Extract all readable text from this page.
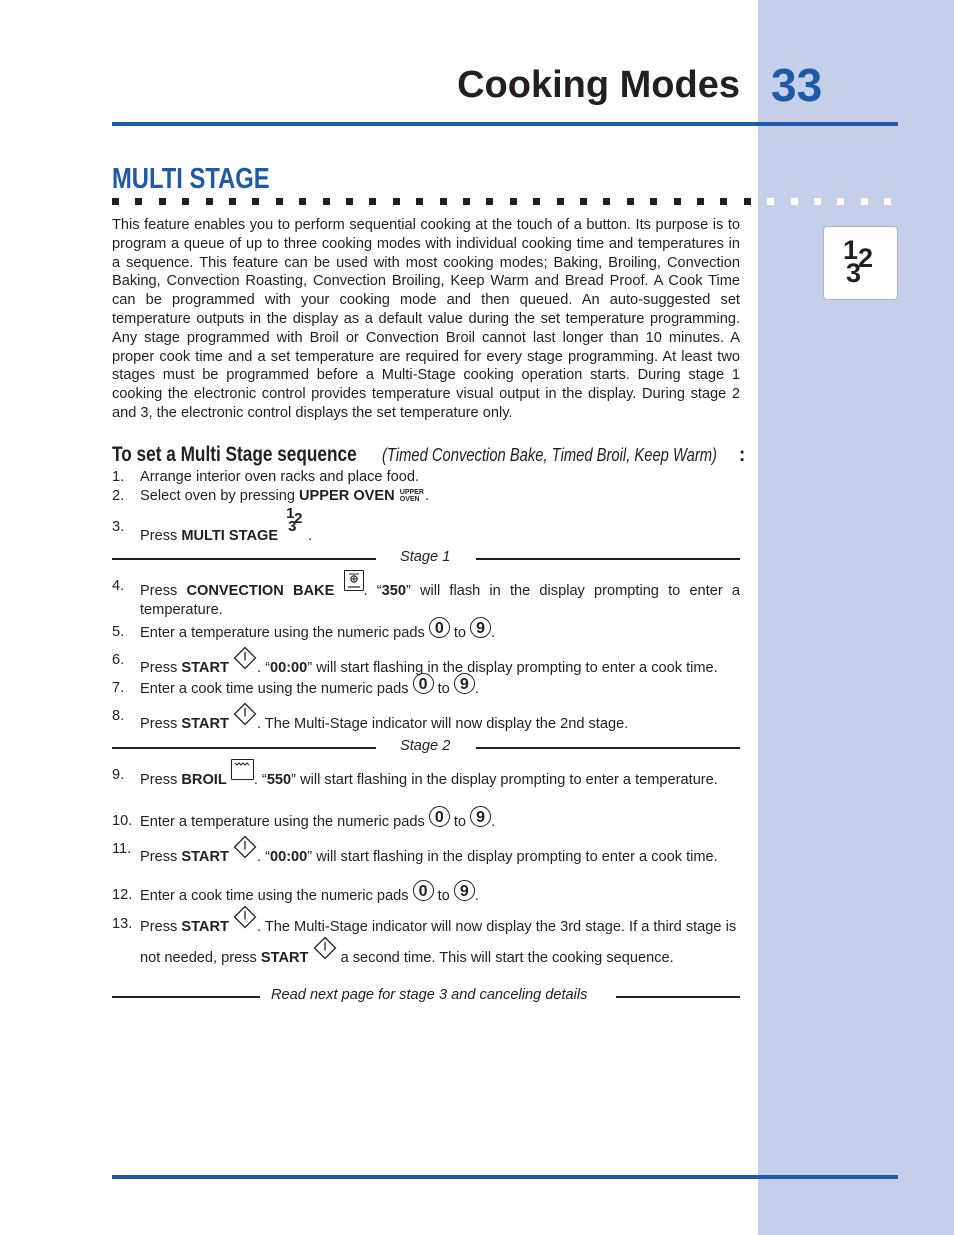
Cooking Modes 33
MULTI STAGE
1 2
3
This feature enables you to perform sequential cooking at the touch of a button. Its purpose is to program a queue of up to three cooking modes with individual cooking time and temperatures in a sequence. This feature can be used with most cooking modes; Baking, Broiling, Convection Baking, Convection Roasting, Convection Broiling, Keep Warm and Bread Proof. A Cook Time can be programmed with your cooking mode and then queued. An auto-suggested set temperature outputs in the display as a default value during the set temperature programming. Any stage programmed with Broil or Convection Broil cannot last longer than 10 minutes. A proper cook time and a set temperature are required for every stage programming. At least two stages must be programmed before a Multi-Stage cooking operation starts. During stage 1 cooking the electronic control provides temperature visual output in the display. During stage 2 and 3, the electronic control displays the set temperature only.
To set a Multi Stage sequence (Timed Convection Bake, Timed Broil, Keep Warm) :
1. Arrange interior oven racks and place food.
2. Select oven by pressing UPPER OVEN UPPER
OVEN .
3.
Press MULTI STAGE
1 2
3
.
Stage 1
4. Press CONVECTION BAKE . “350” will flash in the display prompting to enter a temperature.
5. Enter a temperature using the numeric pads 0 to 9 .
6. Press START . “00:00” will start flashing in the display prompting to enter a cook time.
7. Enter a cook time using the numeric pads 0 to 9 .
8. Press START . The Multi-Stage indicator will now display the 2nd stage.
Stage 2
9. Press BROIL . “550” will start flashing in the display prompting to enter a temperature.
10. Enter a temperature using the numeric pads 0 to 9 .
11. Press START . “00:00” will start flashing in the display prompting to enter a cook time.
12. Enter a cook time using the numeric pads 0 to 9 .
13. Press START . The Multi-Stage indicator will now display the 3rd stage. If a third stage is not needed, press START  a second time. This will start the cooking sequence.
Read next page for stage 3 and canceling details
